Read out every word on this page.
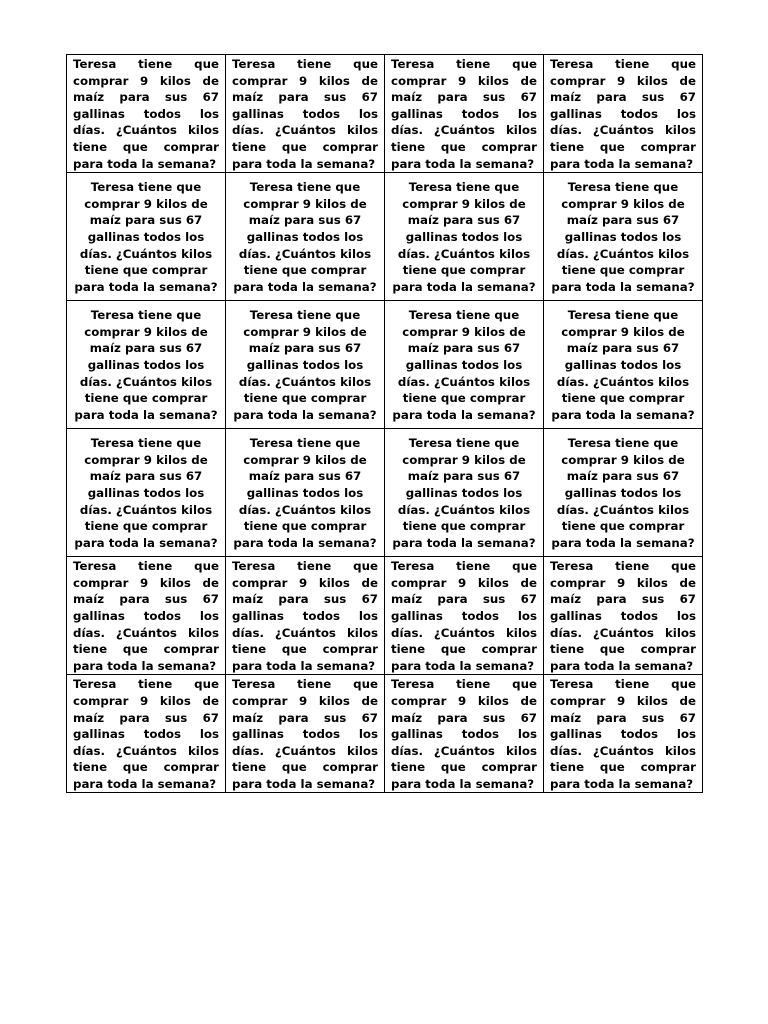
Teresa tiene que comprar 9 kilos de maíz para sus 67 gallinas todos los días. ¿Cuántos kilos tiene que comprar para toda la semana?	Teresa tiene que comprar 9 kilos de maíz para sus 67 gallinas todos los días. ¿Cuántos kilos tiene que comprar para toda la semana?	Teresa tiene que comprar 9 kilos de maíz para sus 67 gallinas todos los días. ¿Cuántos kilos tiene que comprar para toda la semana?	Teresa tiene que comprar 9 kilos de maíz para sus 67 gallinas todos los días. ¿Cuántos kilos tiene que comprar para toda la semana?

Teresa tiene que comprar 9 kilos de maíz para sus 67 gallinas todos los días. ¿Cuántos kilos tiene que comprar para toda la semana?	Teresa tiene que comprar 9 kilos de maíz para sus 67 gallinas todos los días. ¿Cuántos kilos tiene que comprar para toda la semana?	Teresa tiene que comprar 9 kilos de maíz para sus 67 gallinas todos los días. ¿Cuántos kilos tiene que comprar para toda la semana?	Teresa tiene que comprar 9 kilos de maíz para sus 67 gallinas todos los días. ¿Cuántos kilos tiene que comprar para toda la semana?

Teresa tiene que comprar 9 kilos de maíz para sus 67 gallinas todos los días. ¿Cuántos kilos tiene que comprar para toda la semana?	Teresa tiene que comprar 9 kilos de maíz para sus 67 gallinas todos los días. ¿Cuántos kilos tiene que comprar para toda la semana?	Teresa tiene que comprar 9 kilos de maíz para sus 67 gallinas todos los días. ¿Cuántos kilos tiene que comprar para toda la semana?	Teresa tiene que comprar 9 kilos de maíz para sus 67 gallinas todos los días. ¿Cuántos kilos tiene que comprar para toda la semana?

Teresa tiene que comprar 9 kilos de maíz para sus 67 gallinas todos los días. ¿Cuántos kilos tiene que comprar para toda la semana?	Teresa tiene que comprar 9 kilos de maíz para sus 67 gallinas todos los días. ¿Cuántos kilos tiene que comprar para toda la semana?	Teresa tiene que comprar 9 kilos de maíz para sus 67 gallinas todos los días. ¿Cuántos kilos tiene que comprar para toda la semana?	Teresa tiene que comprar 9 kilos de maíz para sus 67 gallinas todos los días. ¿Cuántos kilos tiene que comprar para toda la semana?

Teresa tiene que comprar 9 kilos de maíz para sus 67 gallinas todos los días. ¿Cuántos kilos tiene que comprar para toda la semana?	Teresa tiene que comprar 9 kilos de maíz para sus 67 gallinas todos los días. ¿Cuántos kilos tiene que comprar para toda la semana?	Teresa tiene que comprar 9 kilos de maíz para sus 67 gallinas todos los días. ¿Cuántos kilos tiene que comprar para toda la semana?	Teresa tiene que comprar 9 kilos de maíz para sus 67 gallinas todos los días. ¿Cuántos kilos tiene que comprar para toda la semana?

Teresa tiene que comprar 9 kilos de maíz para sus 67 gallinas todos los días. ¿Cuántos kilos tiene que comprar para toda la semana?	Teresa tiene que comprar 9 kilos de maíz para sus 67 gallinas todos los días. ¿Cuántos kilos tiene que comprar para toda la semana?	Teresa tiene que comprar 9 kilos de maíz para sus 67 gallinas todos los días. ¿Cuántos kilos tiene que comprar para toda la semana?	Teresa tiene que comprar 9 kilos de maíz para sus 67 gallinas todos los días. ¿Cuántos kilos tiene que comprar para toda la semana?
